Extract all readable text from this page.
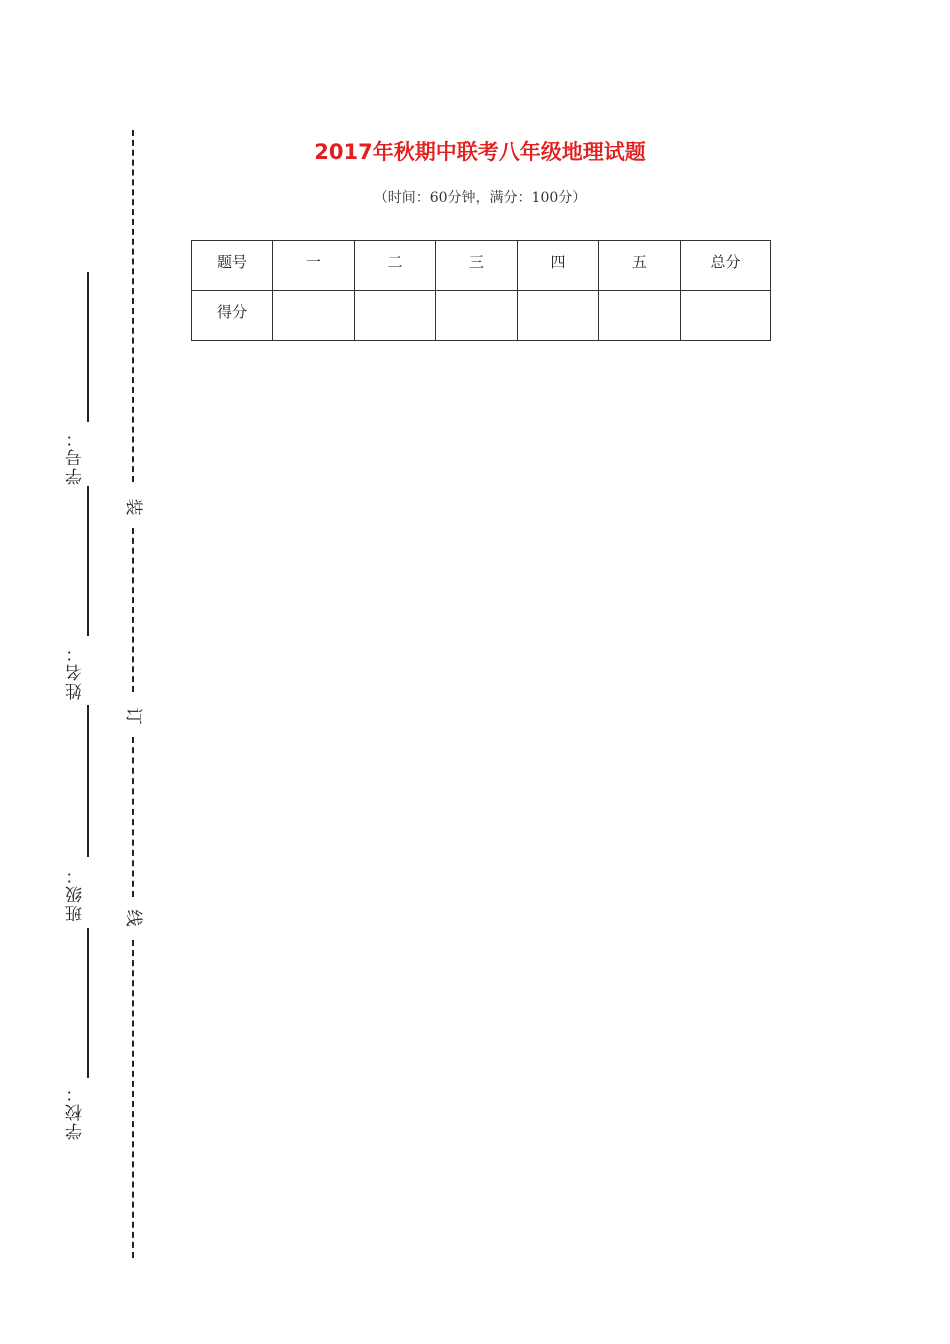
学号：
姓名：
班级：
学校：
装
订
线
2017年秋期中联考八年级地理试题
（时间：60分钟，满分：100分）
题号	一	二	三	四	五	总分
得分						
